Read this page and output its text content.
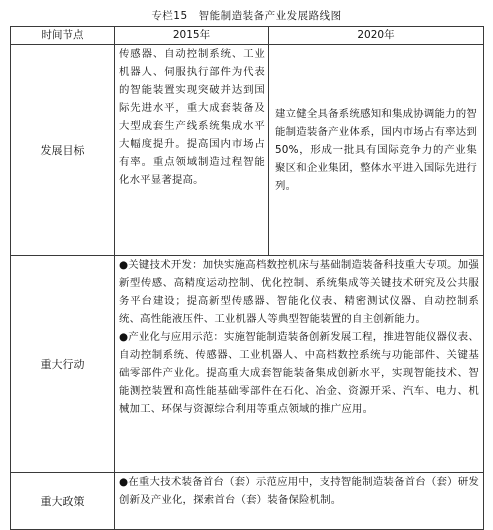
专栏15　智能制造装备产业发展路线图
时间节点	2015年	2020年
发展目标	传感器、自动控制系统、工业机器人、伺服执行部件为代表的智能装置实现突破并达到国际先进水平，重大成套装备及大型成套生产线系统集成水平大幅度提升。提高国内市场占有率。重点领域制造过程智能化水平显著提高。	建立健全具备系统感知和集成协调能力的智能制造装备产业体系，国内市场占有率达到50%，形成一批具有国际竞争力的产业集聚区和企业集团，整体水平进入国际先进行列。

重大行动	●关键技术开发：加快实施高档数控机床与基础制造装备科技重大专项。加强新型传感、高精度运动控制、优化控制、系统集成等关键技术研究及公共服务平台建设；提高新型传感器、智能化仪表、精密测试仪器、自动控制系统、高性能液压件、工业机器人等典型智能装置的自主创新能力。
●产业化与应用示范：实施智能制造装备创新发展工程，推进智能仪器仪表、自动控制系统、传感器、工业机器人、中高档数控系统与功能部件、关键基础零部件产业化。提高重大成套智能装备集成创新水平，实现智能技术、智能测控装置和高性能基础零部件在石化、冶金、资源开采、汽车、电力、机械加工、环保与资源综合利用等重点领域的推广应用。	

重大政策	●在重大技术装备首台（套）示范应用中，支持智能制造装备首台（套）研发创新及产业化，探索首台（套）装备保险机制。	
